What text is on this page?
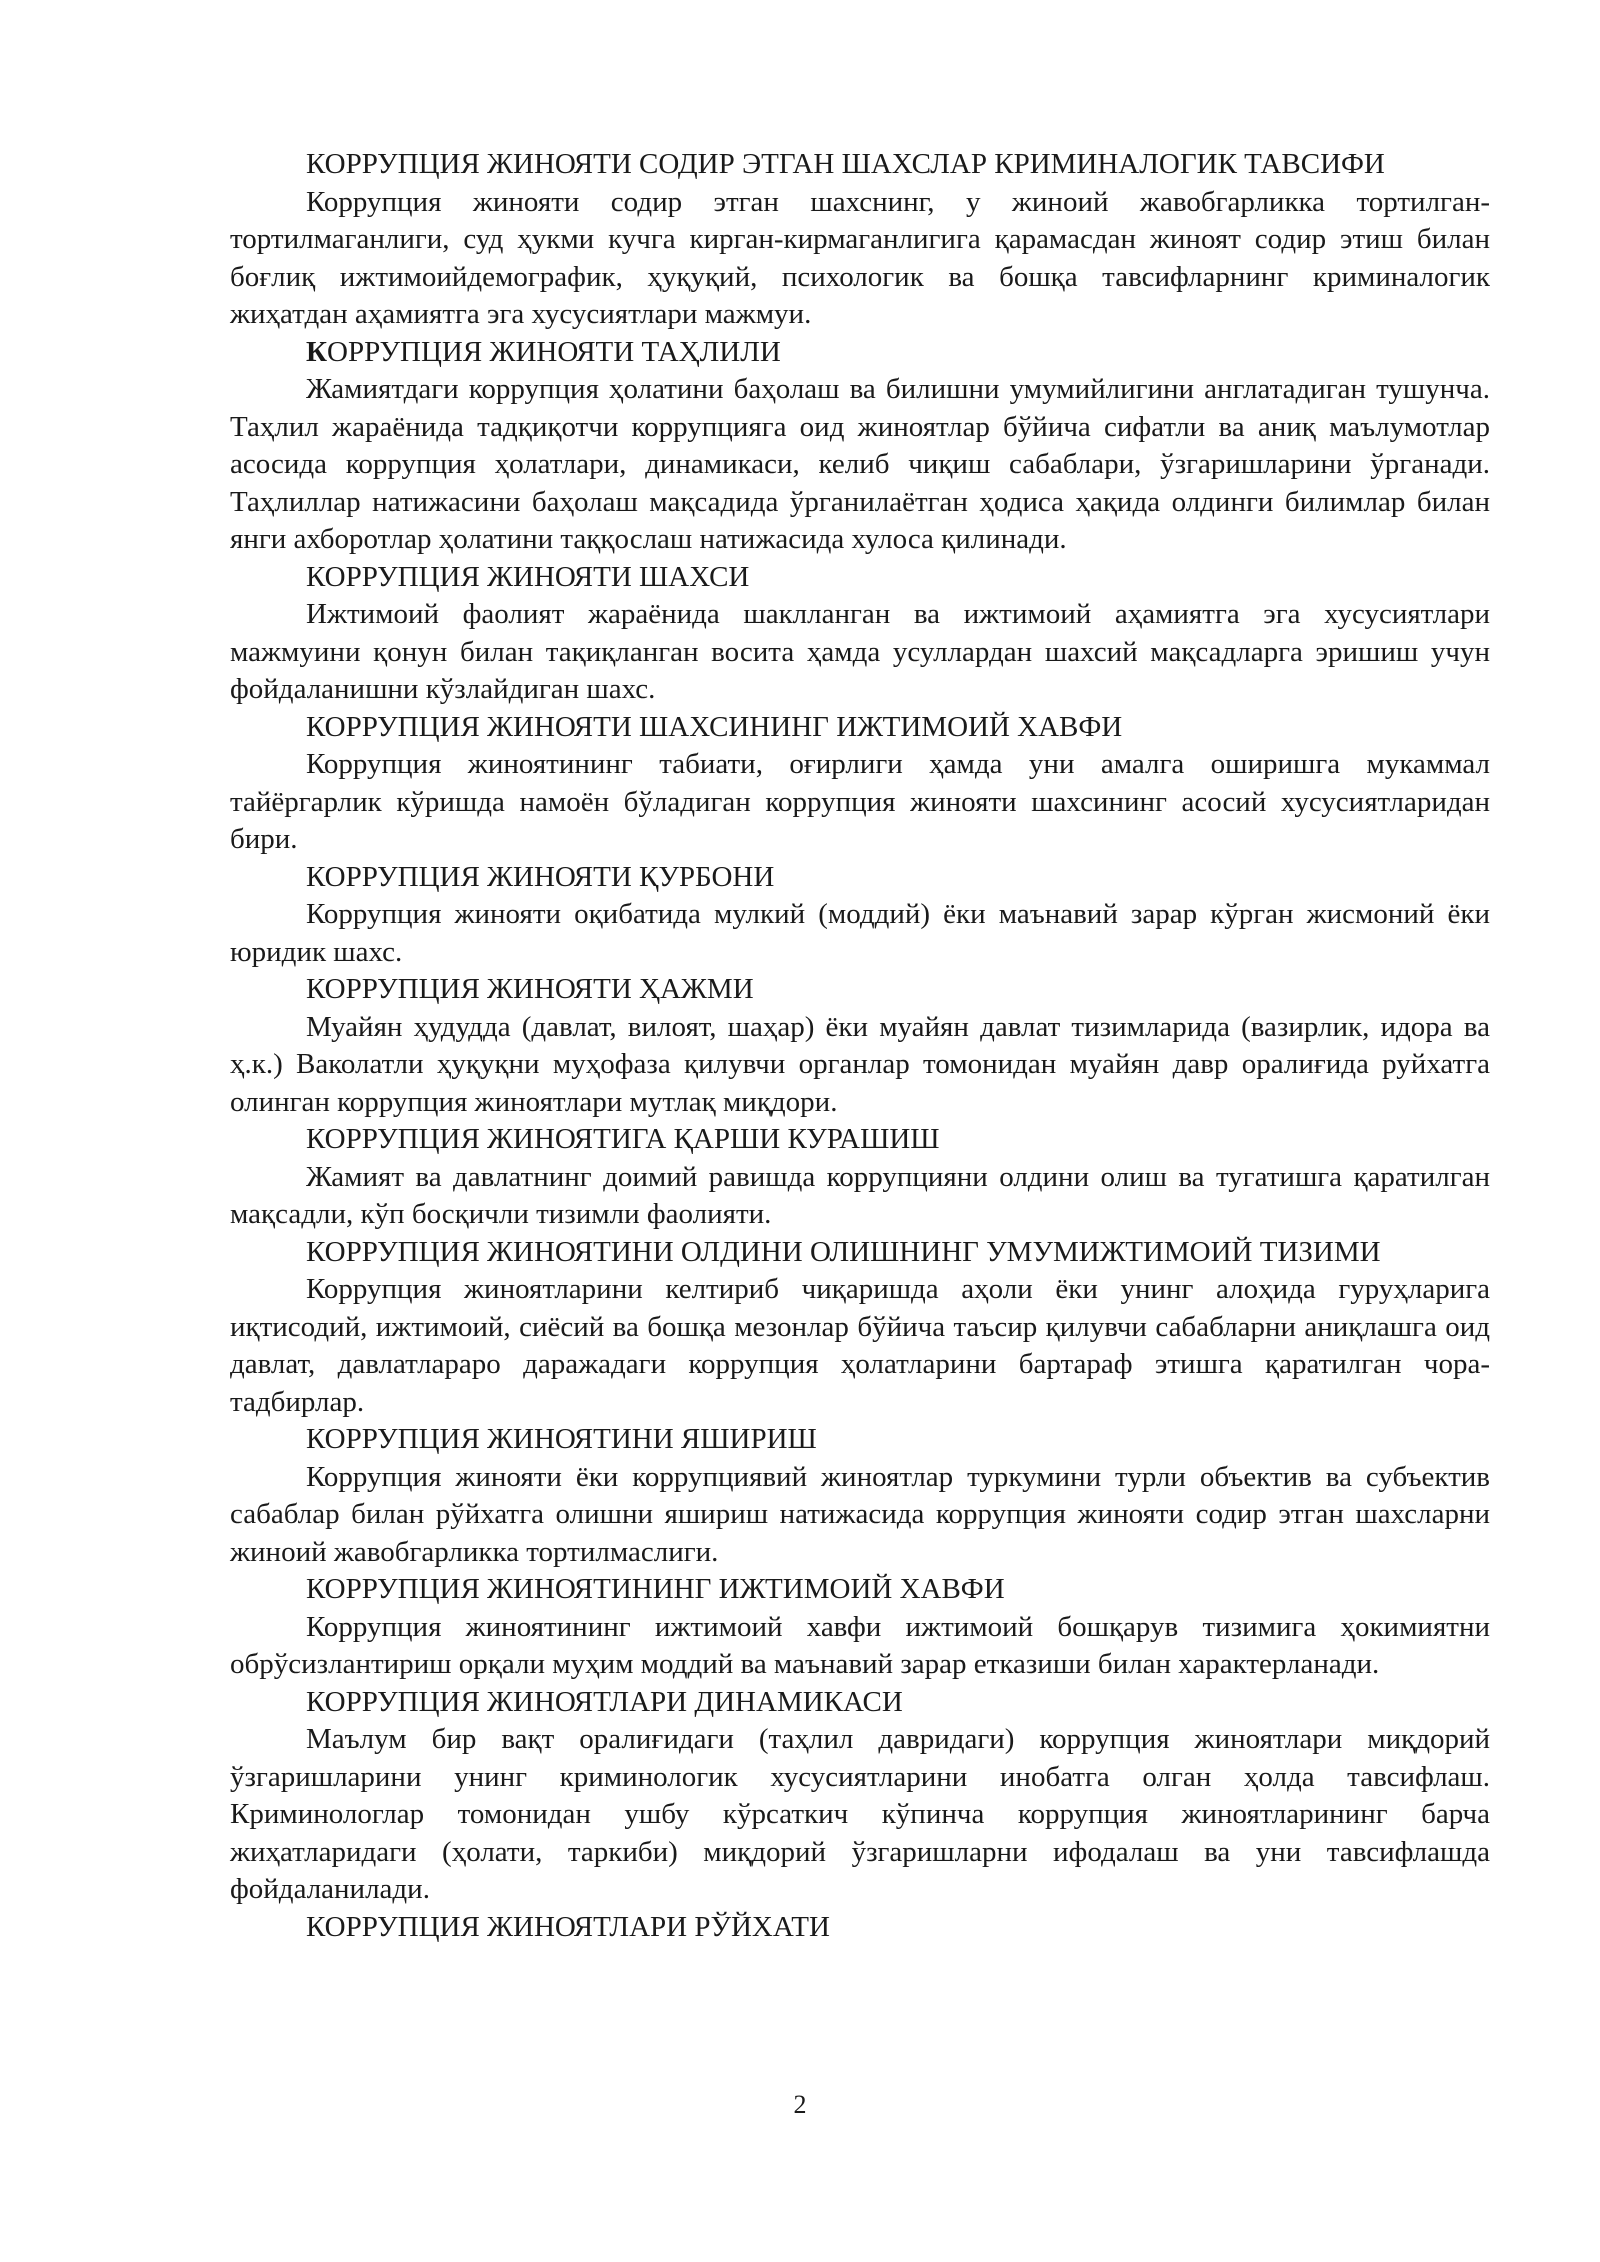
КОРРУПЦИЯ ЖИНОЯТИ СОДИР ЭТГАН ШАХСЛАР КРИМИНАЛОГИК ТАВСИФИ

Коррупция жинояти содир этган шахснинг, у жиноий жавобгарликка тортилган-тортилмаганлиги, суд ҳукми кучга кирган-кирмаганлигига қарамасдан жиноят содир этиш билан боғлиқ ижтимоийдемографик, ҳуқуқий, психологик ва бошқа тавсифларнинг криминалогик жиҳатдан аҳамиятга эга хусусиятлари мажмуи.

КОРРУПЦИЯ ЖИНОЯТИ ТАҲЛИЛИ

Жамиятдаги коррупция ҳолатини баҳолаш ва билишни умумийлигини англатадиган тушунча. Таҳлил жараёнида тадқиқотчи коррупцияга оид жиноятлар бўйича сифатли ва аниқ маълумотлар асосида коррупция ҳолатлари, динамикаси, келиб чиқиш сабаблари, ўзгаришларини ўрганади. Таҳлиллар натижасини баҳолаш мақсадида ўрганилаётган ҳодиса ҳақида олдинги билимлар билан янги ахборотлар ҳолатини таққослаш натижасида хулоса қилинади.

КОРРУПЦИЯ ЖИНОЯТИ ШАХСИ

Ижтимоий фаолият жараёнида шаклланган ва ижтимоий аҳамиятга эга хусусиятлари мажмуини қонун билан тақиқланган восита ҳамда усуллардан шахсий мақсадларга эришиш учун фойдаланишни кўзлайдиган шахс.

КОРРУПЦИЯ ЖИНОЯТИ ШАХСИНИНГ ИЖТИМОИЙ ХАВФИ

Коррупция жиноятининг табиати, оғирлиги ҳамда уни амалга оширишга мукаммал тайёргарлик кўришда намоён бўладиган коррупция жинояти шахсининг асосий хусусиятларидан бири.

КОРРУПЦИЯ ЖИНОЯТИ ҚУРБОНИ

Коррупция жинояти оқибатида мулкий (моддий) ёки маънавий зарар кўрган жисмоний ёки юридик шахс.

КОРРУПЦИЯ ЖИНОЯТИ ҲАЖМИ

Муайян ҳудудда (давлат, вилоят, шаҳар) ёки муайян давлат тизимларида (вазирлик, идора ва ҳ.к.) Ваколатли ҳуқуқни муҳофаза қилувчи органлар томонидан муайян давр оралиғида руйхатга олинган коррупция жиноятлари мутлақ миқдори.

КОРРУПЦИЯ ЖИНОЯТИГА ҚАРШИ КУРАШИШ

Жамият ва давлатнинг доимий равишда коррупцияни олдини олиш ва тугатишга қаратилган мақсадли, кўп босқичли тизимли фаолияти.

КОРРУПЦИЯ ЖИНОЯТИНИ ОЛДИНИ ОЛИШНИНГ УМУМИЖТИМОИЙ ТИЗИМИ

Коррупция жиноятларини келтириб чиқаришда аҳоли ёки унинг алоҳида гуруҳларига иқтисодий, ижтимоий, сиёсий ва бошқа мезонлар бўйича таъсир қилувчи сабабларни аниқлашга оид давлат, давлатлараро даражадаги коррупция ҳолатларини бартараф этишга қаратилган чора-тадбирлар.

КОРРУПЦИЯ ЖИНОЯТИНИ ЯШИРИШ

Коррупция жинояти ёки коррупциявий жиноятлар туркумини турли объектив ва субъектив сабаблар билан рўйхатга олишни яшириш натижасида коррупция жинояти содир этган шахсларни жиноий жавобгарликка тортилмаслиги.

КОРРУПЦИЯ ЖИНОЯТИНИНГ ИЖТИМОИЙ ХАВФИ

Коррупция жиноятининг ижтимоий хавфи ижтимоий бошқарув тизимига ҳокимиятни обрўсизлантириш орқали муҳим моддий ва маънавий зарар етказиши билан характерланади.

КОРРУПЦИЯ ЖИНОЯТЛАРИ ДИНАМИКАСИ

Маълум бир вақт оралиғидаги (таҳлил давридаги) коррупция жиноятлари миқдорий ўзгаришларини унинг криминологик хусусиятларини инобатга олган ҳолда тавсифлаш. Криминологлар томонидан ушбу кўрсаткич кўпинча коррупция жиноятларининг барча жиҳатларидаги (ҳолати, таркиби) миқдорий ўзгаришларни ифодалаш ва уни тавсифлашда фойдаланилади.

КОРРУПЦИЯ ЖИНОЯТЛАРИ РЎЙХАТИ

2
